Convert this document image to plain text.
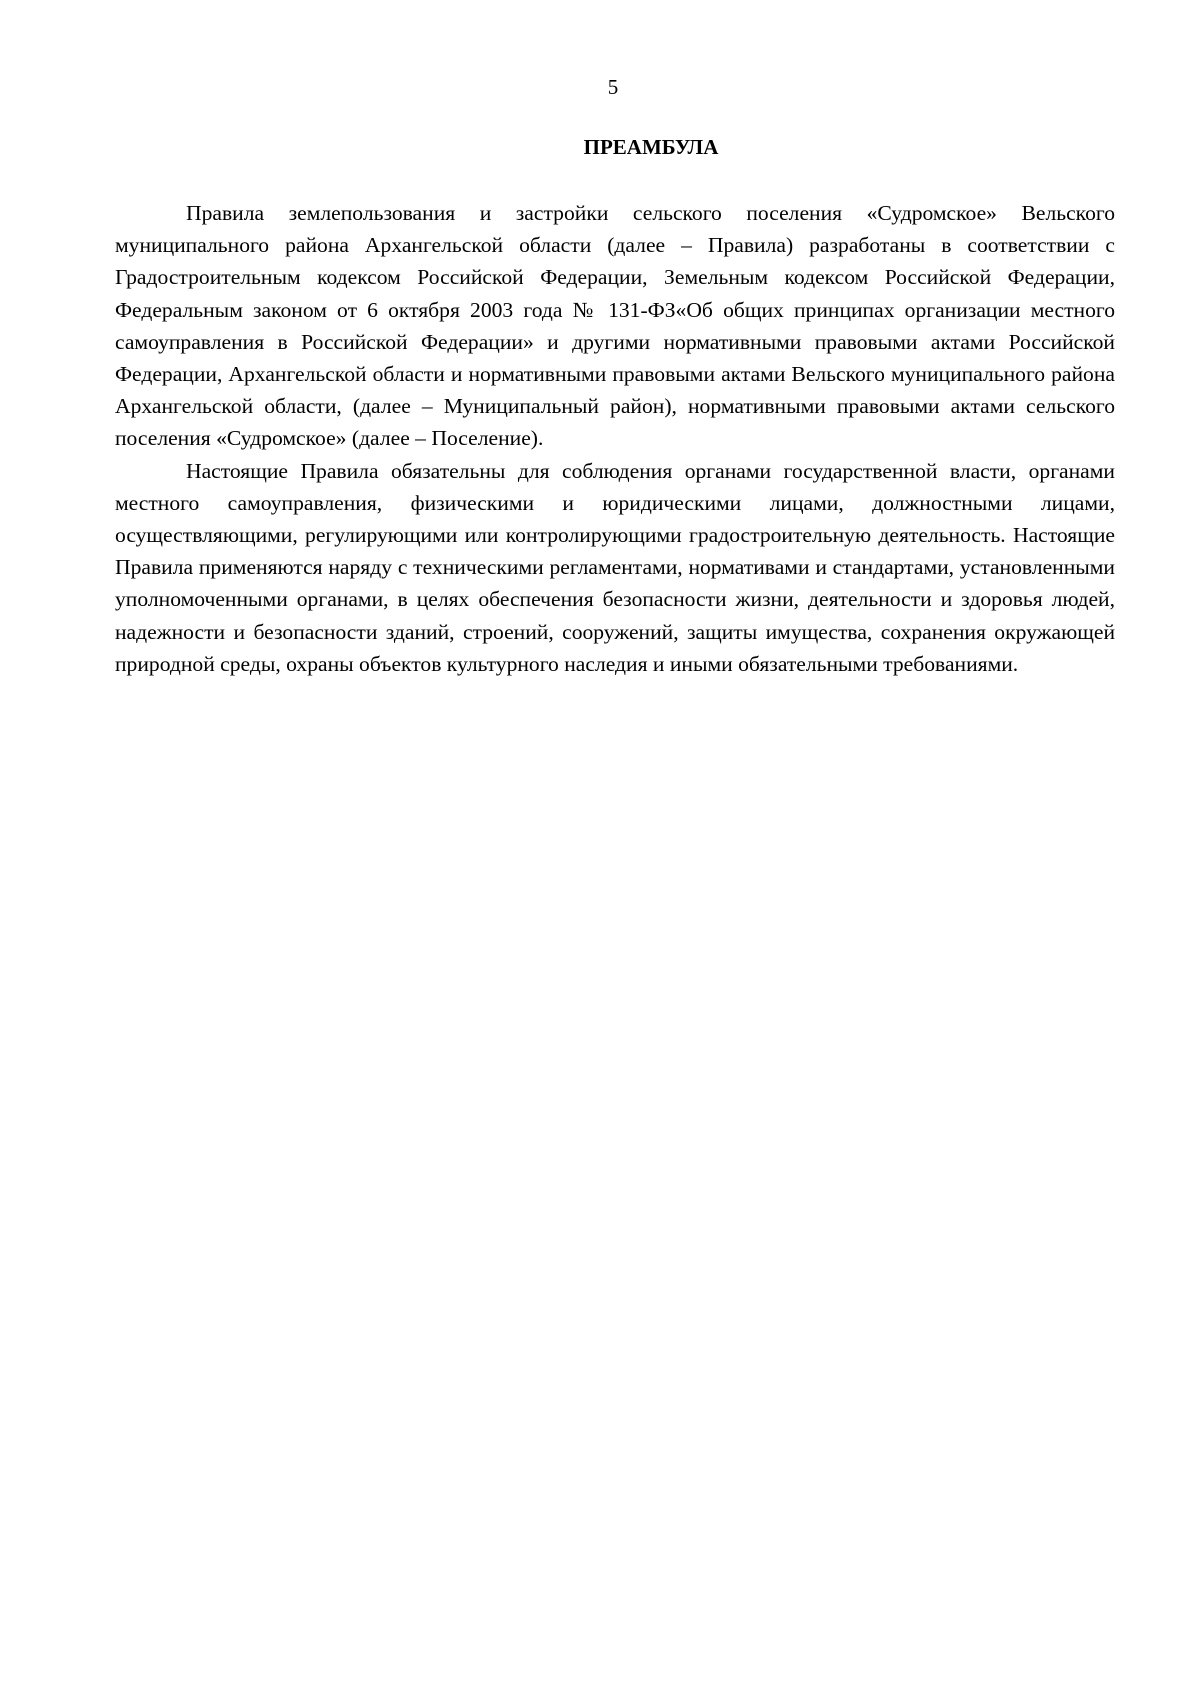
5
ПРЕАМБУЛА

Правила землепользования и застройки сельского поселения «Судромское» Вельского муниципального района Архангельской области (далее – Правила) разработаны в соответствии с Градостроительным кодексом Российской Федерации, Земельным кодексом Российской Федерации, Федеральным законом от 6 октября 2003 года № 131-ФЗ«Об общих принципах организации местного самоуправления в Российской Федерации» и другими нормативными правовыми актами Российской Федерации, Архангельской области и нормативными правовыми актами Вельского муниципального района Архангельской области, (далее – Муниципальный район), нормативными правовыми актами сельского поселения «Судромское» (далее – Поселение).

Настоящие Правила обязательны для соблюдения органами государственной власти, органами местного самоуправления, физическими и юридическими лицами, должностными лицами, осуществляющими, регулирующими или контролирующими градостроительную деятельность. Настоящие Правила применяются наряду с техническими регламентами, нормативами и стандартами, установленными уполномоченными органами, в целях обеспечения безопасности жизни, деятельности и здоровья людей, надежности и безопасности зданий, строений, сооружений, защиты имущества, сохранения окружающей природной среды, охраны объектов культурного наследия и иными обязательными требованиями.
